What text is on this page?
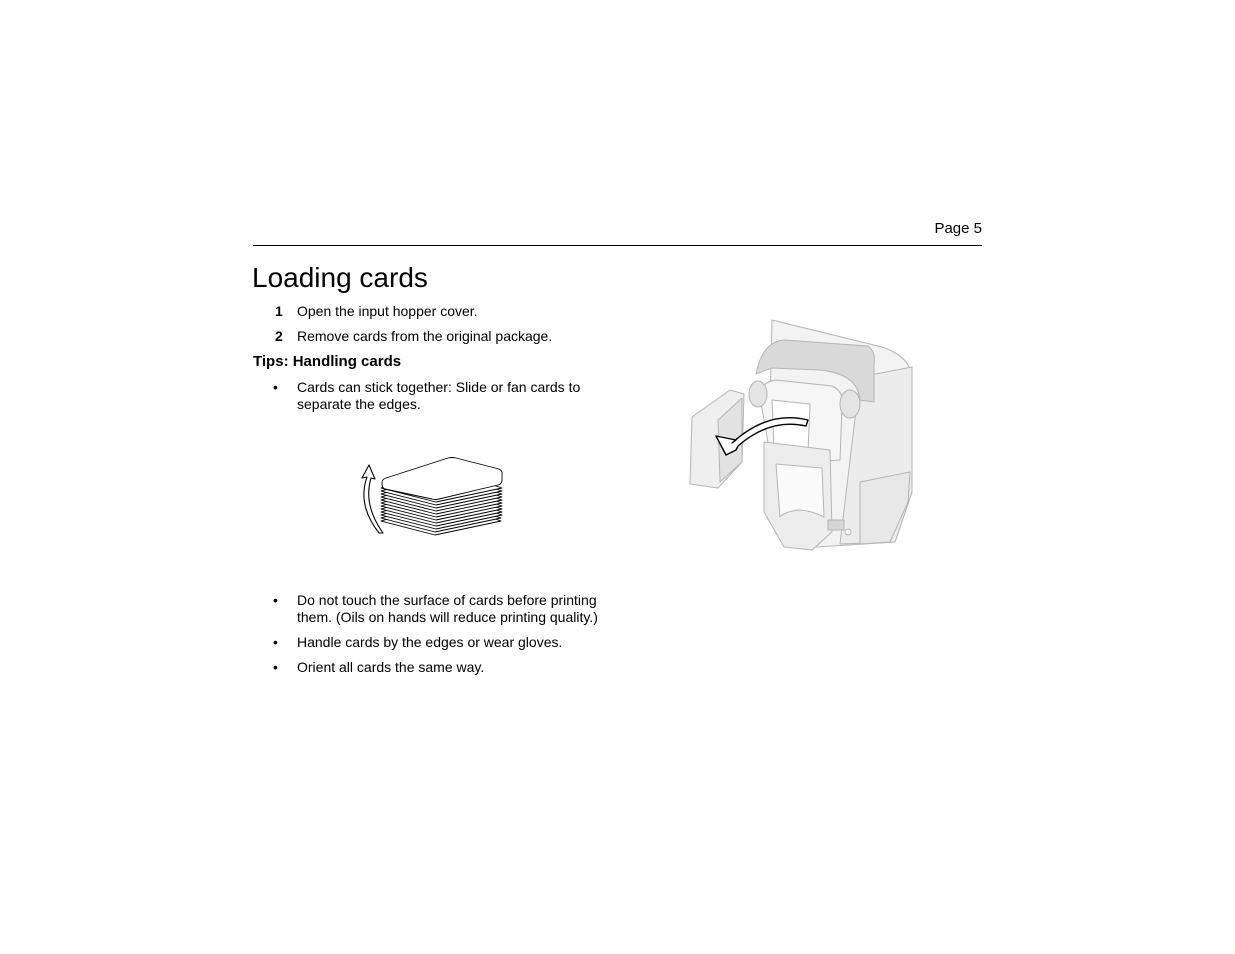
Page 5
Loading cards
1 Open the input hopper cover.
2 Remove cards from the original package.
Tips: Handling cards
• Cards can stick together: Slide or fan cards to separate the edges.
• Do not touch the surface of cards before printing them. (Oils on hands will reduce printing quality.)
• Handle cards by the edges or wear gloves.
• Orient all cards the same way.
